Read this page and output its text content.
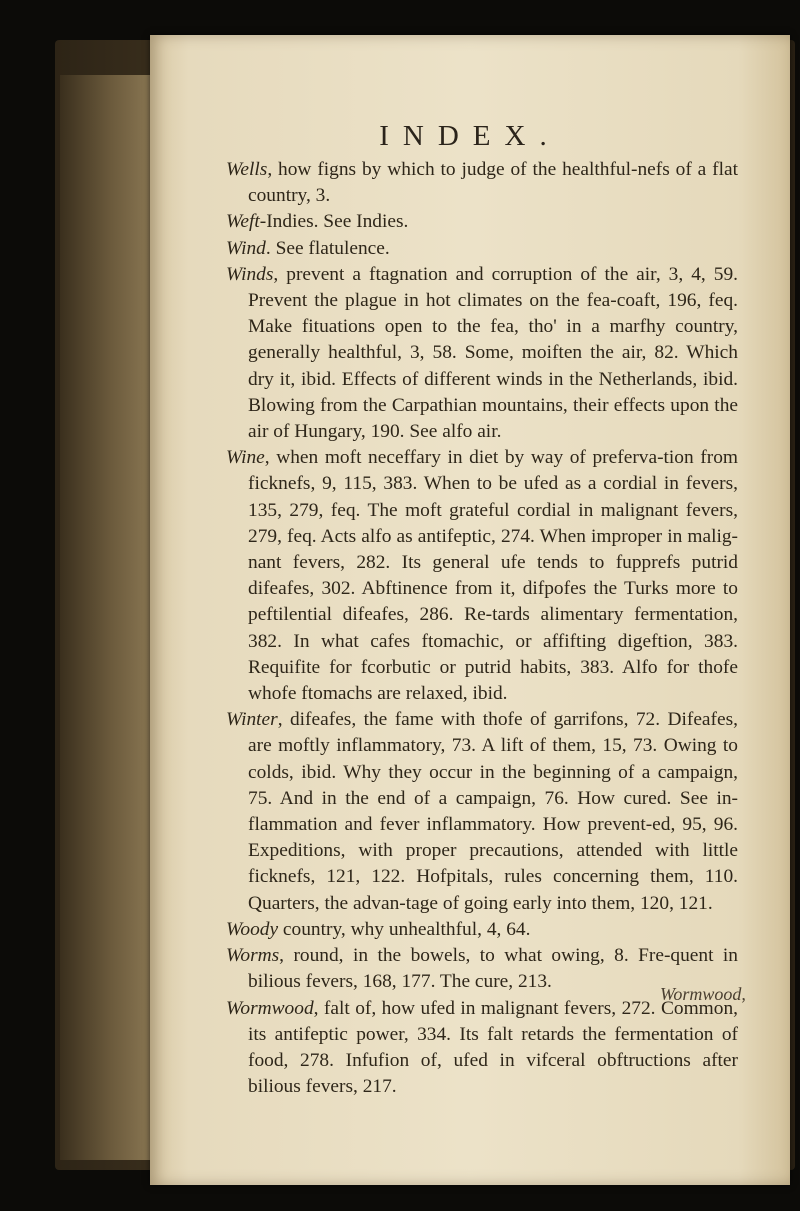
INDEX.

Wells, how figns by which to judge of the healthful-nefs of a flat country, 3.

Weft-Indies. See Indies.

Wind. See flatulence.

Winds, prevent a ftagnation and corruption of the air, 3, 4, 59. Prevent the plague in hot climates on the fea-coaft, 196, feq. Make fituations open to the fea, tho' in a marfhy country, generally healthful, 3, 58. Some, moiften the air, 82. Which dry it, ibid. Effects of different winds in the Netherlands, ibid. Blowing from the Carpathian mountains, their effects upon the air of Hungary, 190. See alfo air.

Wine, when moft neceffary in diet by way of preferva-tion from ficknefs, 9, 115, 383. When to be ufed as a cordial in fevers, 135, 279, feq. The moft grateful cordial in malignant fevers, 279, feq. Acts alfo as antifeptic, 274. When improper in malig-nant fevers, 282. Its general ufe tends to fupprefs putrid difeafes, 302. Abftinence from it, difpofes the Turks more to peftilential difeafes, 286. Re-tards alimentary fermentation, 382. In what cafes ftomachic, or affifting digeftion, 383. Requifite for fcorbutic or putrid habits, 383. Alfo for thofe whofe ftomachs are relaxed, ibid.

Winter, difeafes, the fame with thofe of garrifons, 72. Difeafes, are moftly inflammatory, 73. A lift of them, 15, 73. Owing to colds, ibid. Why they occur in the beginning of a campaign, 75. And in the end of a campaign, 76. How cured. See in-flammation and fever inflammatory. How prevent-ed, 95, 96. Expeditions, with proper precautions, attended with little ficknefs, 121, 122. Hofpitals, rules concerning them, 110. Quarters, the advan-tage of going early into them, 120, 121.

Woody country, why unhealthful, 4, 64.

Worms, round, in the bowels, to what owing, 8. Fre-quent in bilious fevers, 168, 177. The cure, 213.

Wormwood, falt of, how ufed in malignant fevers, 272. Common, its antifeptic power, 334. Its falt retards the fermentation of food, 278. Infufion of, ufed in vifceral obftructions after bilious fevers, 217.

Wormwood,
